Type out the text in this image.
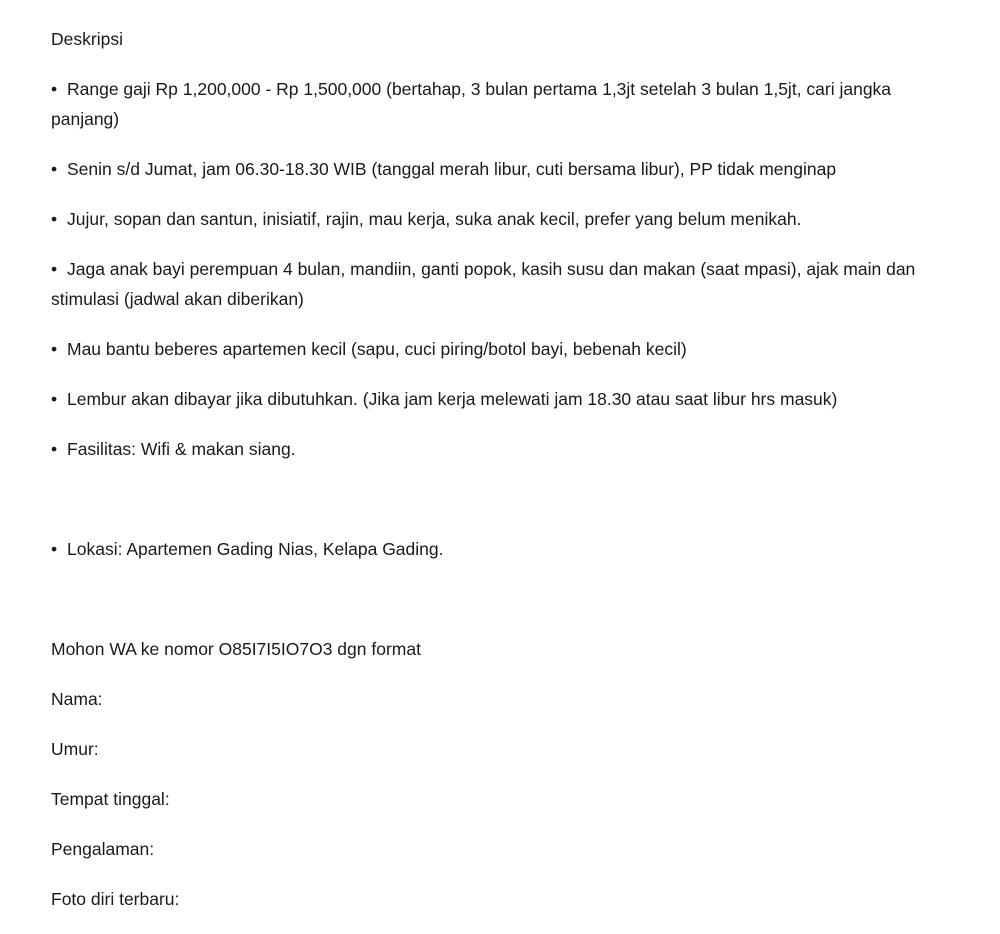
Deskripsi

• Range gaji Rp 1,200,000 - Rp 1,500,000 (bertahap, 3 bulan pertama 1,3jt setelah 3 bulan 1,5jt, cari jangka panjang)

• Senin s/d Jumat, jam 06.30-18.30 WIB (tanggal merah libur, cuti bersama libur), PP tidak menginap

• Jujur, sopan dan santun, inisiatif, rajin, mau kerja, suka anak kecil, prefer yang belum menikah.

• Jaga anak bayi perempuan 4 bulan, mandiin, ganti popok, kasih susu dan makan (saat mpasi), ajak main dan stimulasi (jadwal akan diberikan)

• Mau bantu beberes apartemen kecil (sapu, cuci piring/botol bayi, bebenah kecil)

• Lembur akan dibayar jika dibutuhkan. (Jika jam kerja melewati jam 18.30 atau saat libur hrs masuk)

• Fasilitas: Wifi & makan siang.

• Lokasi: Apartemen Gading Nias, Kelapa Gading.

Mohon WA ke nomor O85I7I5IO7O3 dgn format

Nama:

Umur:

Tempat tinggal:

Pengalaman:

Foto diri terbaru:
